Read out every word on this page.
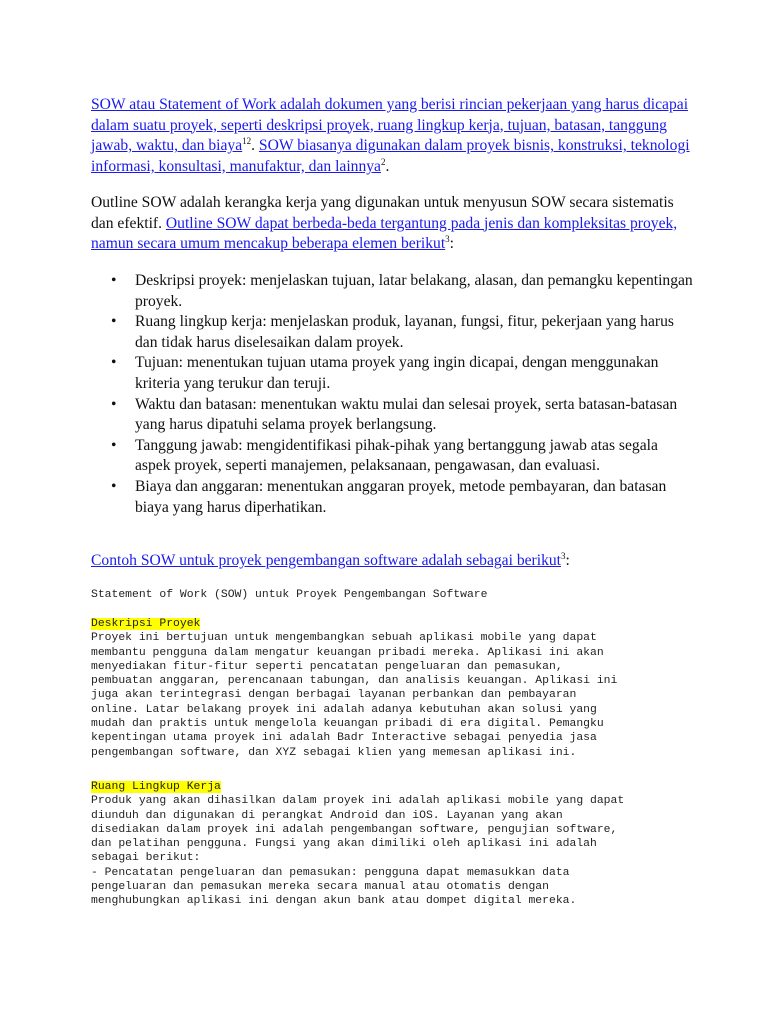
SOW atau Statement of Work adalah dokumen yang berisi rincian pekerjaan yang harus dicapai dalam suatu proyek, seperti deskripsi proyek, ruang lingkup kerja, tujuan, batasan, tanggung jawab, waktu, dan biaya$^{12}$. SOW biasanya digunakan dalam proyek bisnis, konstruksi, teknologi informasi, konsultasi, manufaktur, dan lainnya$^2$.

Outline SOW adalah kerangka kerja yang digunakan untuk menyusun SOW secara sistematis dan efektif. Outline SOW dapat berbeda-beda tergantung pada jenis dan kompleksitas proyek, namun secara umum mencakup beberapa elemen berikut$^3$:

• Deskripsi proyek: menjelaskan tujuan, latar belakang, alasan, dan pemangku kepentingan proyek.
• Ruang lingkup kerja: menjelaskan produk, layanan, fungsi, fitur, pekerjaan yang harus dan tidak harus diselesaikan dalam proyek.
• Tujuan: menentukan tujuan utama proyek yang ingin dicapai, dengan menggunakan kriteria yang terukur dan teruji.
• Waktu dan batasan: menentukan waktu mulai dan selesai proyek, serta batasan-batasan yang harus dipatuhi selama proyek berlangsung.
• Tanggung jawab: mengidentifikasi pihak-pihak yang bertanggung jawab atas segala aspek proyek, seperti manajemen, pelaksanaan, pengawasan, dan evaluasi.
• Biaya dan anggaran: menentukan anggaran proyek, metode pembayaran, dan batasan biaya yang harus diperhatikan.

Contoh SOW untuk proyek pengembangan software adalah sebagai berikut$^3$:

Statement of Work (SOW) untuk Proyek Pengembangan Software
Deskripsi Proyek
Proyek ini bertujuan untuk mengembangkan sebuah aplikasi mobile yang dapat
membantu pengguna dalam mengatur keuangan pribadi mereka. Aplikasi ini akan
menyediakan fitur-fitur seperti pencatatan pengeluaran dan pemasukan,
pembuatan anggaran, perencanaan tabungan, dan analisis keuangan. Aplikasi ini
juga akan terintegrasi dengan berbagai layanan perbankan dan pembayaran
online. Latar belakang proyek ini adalah adanya kebutuhan akan solusi yang
mudah dan praktis untuk mengelola keuangan pribadi di era digital. Pemangku
kepentingan utama proyek ini adalah Badr Interactive sebagai penyedia jasa
pengembangan software, dan XYZ sebagai klien yang memesan aplikasi ini.
Ruang Lingkup Kerja
Produk yang akan dihasilkan dalam proyek ini adalah aplikasi mobile yang dapat
diunduh dan digunakan di perangkat Android dan iOS. Layanan yang akan
disediakan dalam proyek ini adalah pengembangan software, pengujian software,
dan pelatihan pengguna. Fungsi yang akan dimiliki oleh aplikasi ini adalah
sebagai berikut:
- Pencatatan pengeluaran dan pemasukan: pengguna dapat memasukkan data
pengeluaran dan pemasukan mereka secara manual atau otomatis dengan
menghubungkan aplikasi ini dengan akun bank atau dompet digital mereka.
